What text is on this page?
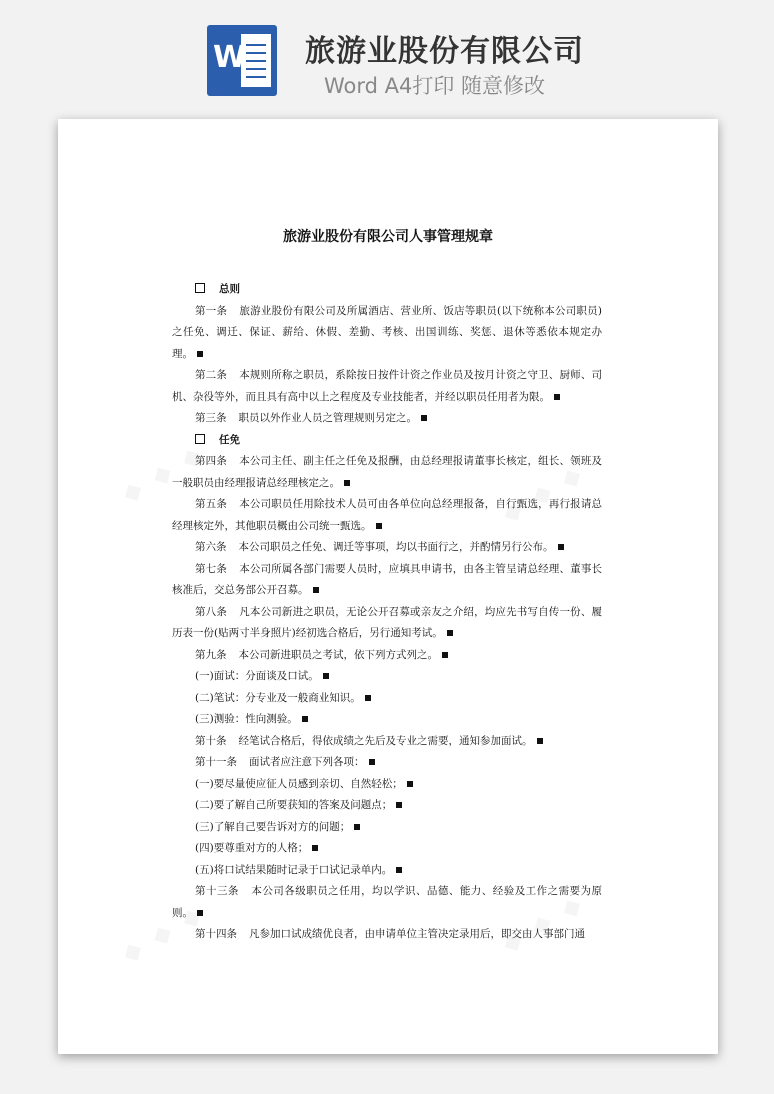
W 旅游业股份有限公司
Word A4打印 随意修改
旅游业股份有限公司人事管理规章
总则
第一条 旅游业股份有限公司及所属酒店、营业所、饭店等职员(以下统称本公司职员)之任免、调迁、保证、薪给、休假、差勤、考核、出国训练、奖惩、退休等悉依本规定办理。
第二条 本规则所称之职员，系除按日按件计资之作业员及按月计资之守卫、厨师、司机、杂役等外，而且具有高中以上之程度及专业技能者，并经以职员任用者为限。
第三条 职员以外作业人员之管理规则另定之。
任免
第四条 本公司主任、副主任之任免及报酬，由总经理报请董事长核定，组长、领班及一般职员由经理报请总经理核定之。
第五条 本公司职员任用除技术人员可由各单位向总经理报备，自行甄选，再行报请总经理核定外，其他职员概由公司统一甄选。
第六条 本公司职员之任免、调迁等事项，均以书面行之，并酌情另行公布。
第七条 本公司所属各部门需要人员时，应填具申请书，由各主管呈请总经理、董事长核准后，交总务部公开召募。
第八条 凡本公司新进之职员，无论公开召募或亲友之介绍，均应先书写自传一份、履历表一份(贴两寸半身照片)经初选合格后，另行通知考试。
第九条 本公司新进职员之考试，依下列方式列之。
(一)面试：分面谈及口试。
(二)笔试：分专业及一般商业知识。
(三)测验：性向测验。
第十条 经笔试合格后，得依成绩之先后及专业之需要，通知参加面试。
第十一条 面试者应注意下列各项：
(一)要尽量使应征人员感到亲切、自然轻松；
(二)要了解自己所要获知的答案及问题点；
(三)了解自己要告诉对方的问题；
(四)要尊重对方的人格；
(五)将口试结果随时记录于口试记录单内。
第十三条 本公司各级职员之任用，均以学识、品德、能力、经验及工作之需要为原则。
第十四条 凡参加口试成绩优良者，由申请单位主管决定录用后，即交由人事部门通
